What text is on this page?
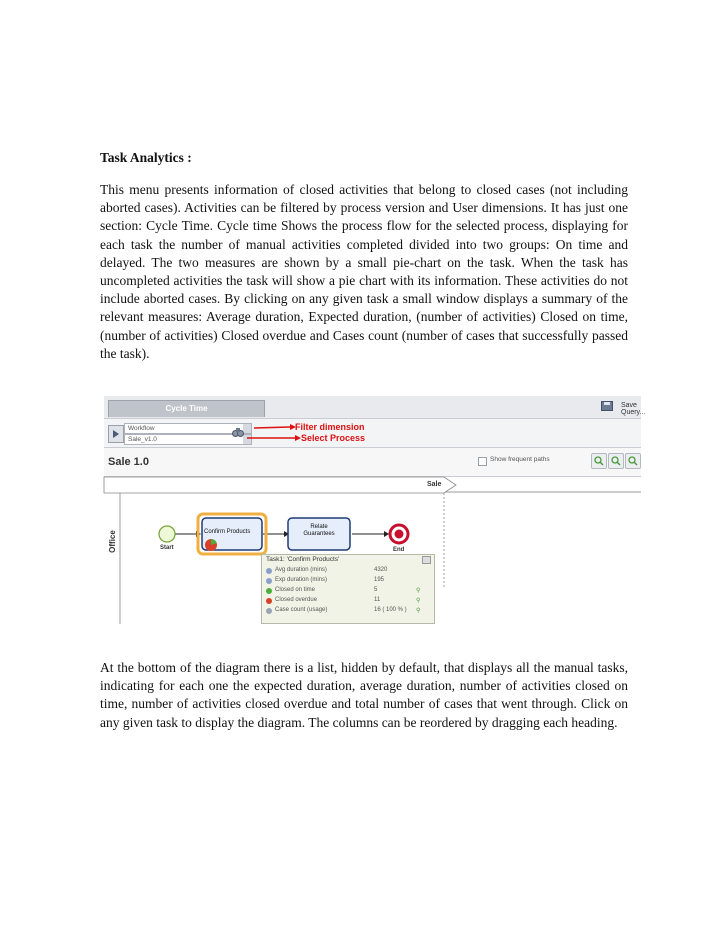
Task Analytics :
This menu presents information of closed activities that belong to closed cases (not including aborted cases). Activities can be filtered by process version and User dimensions. It has just one section: Cycle Time. Cycle time Shows the process flow for the selected process, displaying for each task the number of manual activities completed divided into two groups: On time and delayed. The two measures are shown by a small pie-chart on the task. When the task has uncompleted activities the task will show a pie chart with its information. These activities do not include aborted cases. By clicking on any given task a small window displays a summary of the relevant measures: Average duration, Expected duration, (number of activities) Closed on time, (number of activities) Closed overdue and Cases count (number of cases that successfully passed the task).
Cycle Time	Save Query...
Workflow
Sale_v1.0
Filter dimension
Select Process
Sale 1.0	Show frequent paths
Sale
Office	Start
Confirm Products
Relate
Guarantees
End
Task1: 'Confirm Products'
Avg duration (mins)	4320
Exp duration (mins)	195
Closed on time	5	⚲
Closed overdue	11	⚲
Case count (usage)	16 ( 100 % ) ⚲
At the bottom of the diagram there is a list, hidden by default, that displays all the manual tasks, indicating for each one the expected duration, average duration, number of activities closed on time, number of activities closed overdue and total number of cases that went through. Click on any given task to display the diagram. The columns can be reordered by dragging each heading.
